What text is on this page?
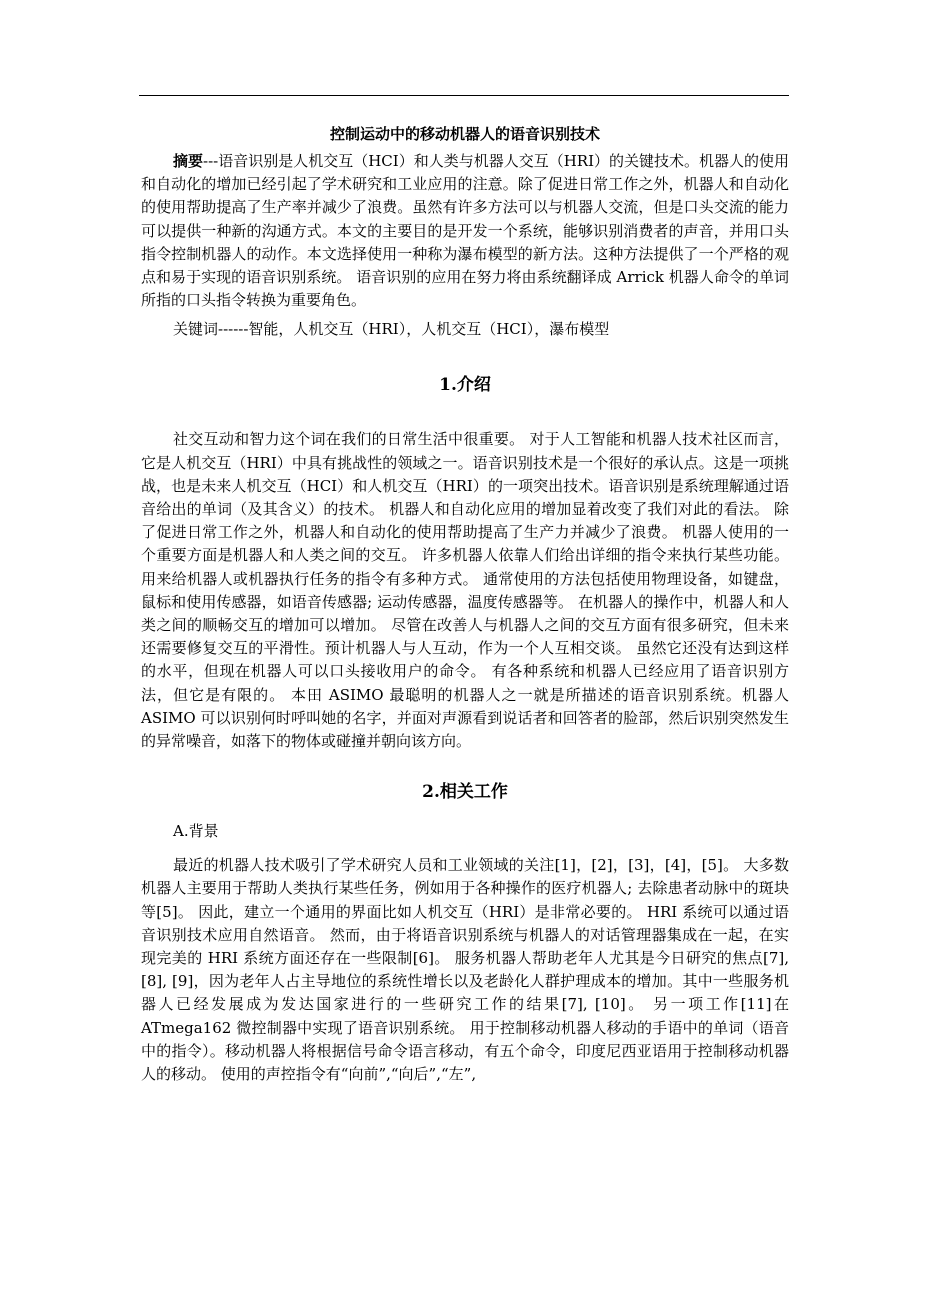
控制运动中的移动机器人的语音识别技术

摘要---语音识别是人机交互（HCI）和人类与机器人交互（HRI）的关键技术。机器人的使用和自动化的增加已经引起了学术研究和工业应用的注意。除了促进日常工作之外，机器人和自动化的使用帮助提高了生产率并减少了浪费。虽然有许多方法可以与机器人交流，但是口头交流的能力可以提供一种新的沟通方式。本文的主要目的是开发一个系统，能够识别消费者的声音，并用口头指令控制机器人的动作。本文选择使用一种称为瀑布模型的新方法。这种方法提供了一个严格的观点和易于实现的语音识别系统。 语音识别的应用在努力将由系统翻译成 Arrick 机器人命令的单词所指的口头指令转换为重要角色。

关键词------智能，人机交互（HRI），人机交互（HCI），瀑布模型

1.介绍

社交互动和智力这个词在我们的日常生活中很重要。 对于人工智能和机器人技术社区而言，它是人机交互（HRI）中具有挑战性的领域之一。语音识别技术是一个很好的承认点。这是一项挑战，也是未来人机交互（HCI）和人机交互（HRI）的一项突出技术。语音识别是系统理解通过语音给出的单词（及其含义）的技术。 机器人和自动化应用的增加显着改变了我们对此的看法。 除了促进日常工作之外，机器人和自动化的使用帮助提高了生产力并减少了浪费。 机器人使用的一个重要方面是机器人和人类之间的交互。 许多机器人依靠人们给出详细的指令来执行某些功能。用来给机器人或机器执行任务的指令有多种方式。 通常使用的方法包括使用物理设备，如键盘，鼠标和使用传感器，如语音传感器; 运动传感器，温度传感器等。 在机器人的操作中，机器人和人类之间的顺畅交互的增加可以增加。 尽管在改善人与机器人之间的交互方面有很多研究，但未来还需要修复交互的平滑性。预计机器人与人互动，作为一个人互相交谈。 虽然它还没有达到这样的水平，但现在机器人可以口头接收用户的命令。 有各种系统和机器人已经应用了语音识别方法，但它是有限的。 本田 ASIMO 最聪明的机器人之一就是所描述的语音识别系统。机器人 ASIMO 可以识别何时呼叫她的名字，并面对声源看到说话者和回答者的脸部，然后识别突然发生的异常噪音，如落下的物体或碰撞并朝向该方向。

2.相关工作

A.背景

最近的机器人技术吸引了学术研究人员和工业领域的关注[1]，[2]，[3]，[4]，[5]。 大多数机器人主要用于帮助人类执行某些任务，例如用于各种操作的医疗机器人; 去除患者动脉中的斑块等[5]。 因此，建立一个通用的界面比如人机交互（HRI）是非常必要的。 HRI 系统可以通过语音识别技术应用自然语音。 然而，由于将语音识别系统与机器人的对话管理器集成在一起，在实现完美的 HRI 系统方面还存在一些限制[6]。 服务机器人帮助老年人尤其是今日研究的焦点[7], [8], [9]，因为老年人占主导地位的系统性增长以及老龄化人群护理成本的增加。其中一些服务机器人已经发展成为发达国家进行的一些研究工作的结果[7], [10]。 另一项工作[11]在 ATmega162 微控制器中实现了语音识别系统。 用于控制移动机器人移动的手语中的单词（语音中的指令）。移动机器人将根据信号命令语言移动，有五个命令，印度尼西亚语用于控制移动机器人的移动。 使用的声控指令有“向前”,“向后”,“左”,
